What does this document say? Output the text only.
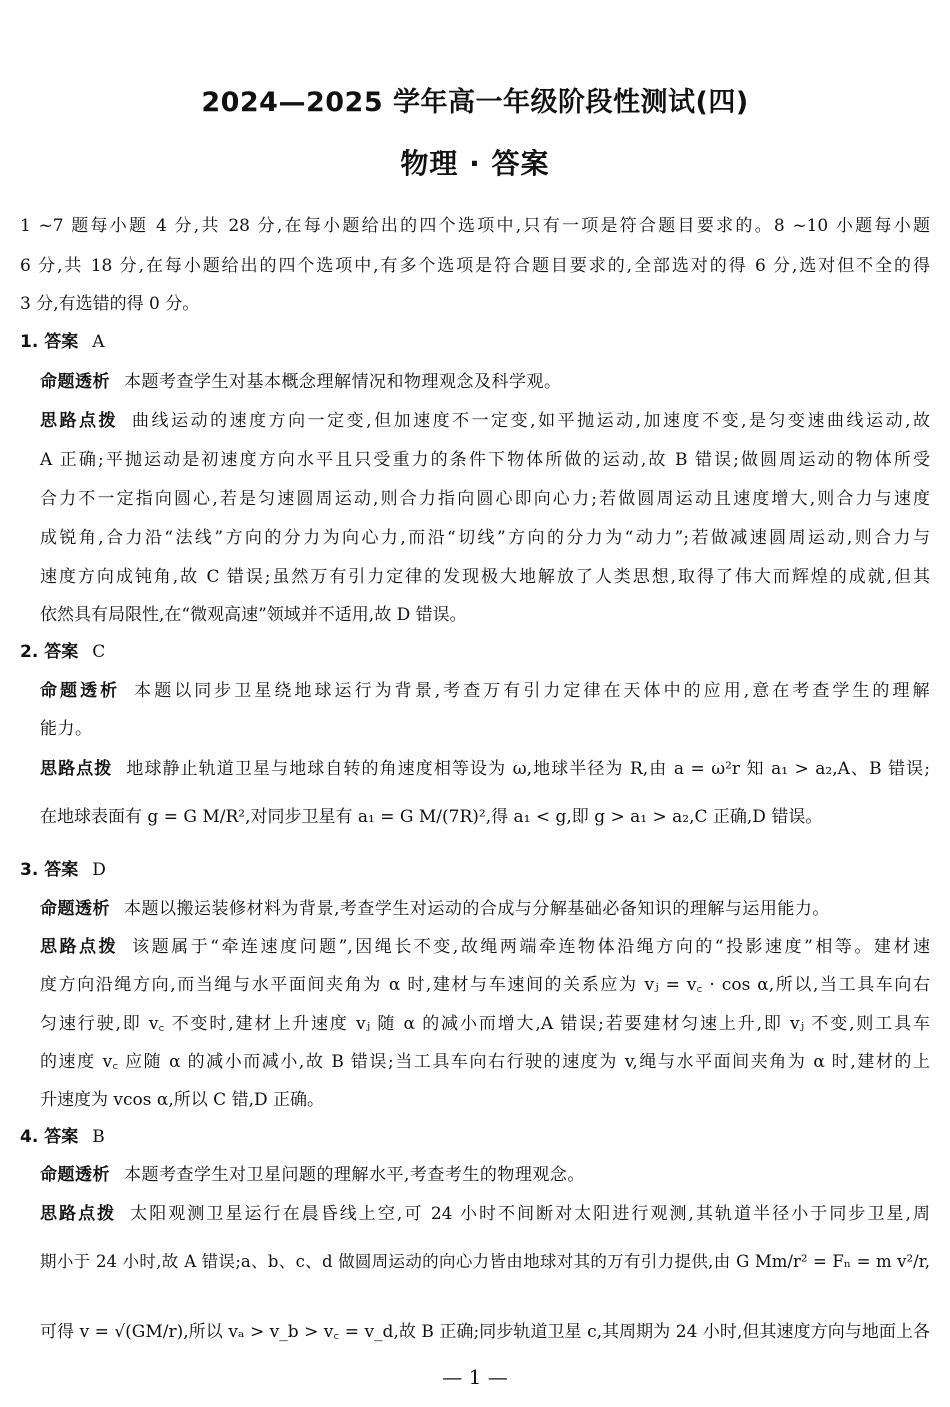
2024—2025 学年高一年级阶段性测试(四)
物理 · 答案
1 ~7 题每小题 4 分,共 28 分,在每小题给出的四个选项中,只有一项是符合题目要求的。8 ~10 小题每小题
6 分,共 18 分,在每小题给出的四个选项中,有多个选项是符合题目要求的,全部选对的得 6 分,选对但不全的得
3 分,有选错的得 0 分。
1. 答案 A
命题透析 本题考查学生对基本概念理解情况和物理观念及科学观。
思路点拨 曲线运动的速度方向一定变,但加速度不一定变,如平抛运动,加速度不变,是匀变速曲线运动,故
A 正确;平抛运动是初速度方向水平且只受重力的条件下物体所做的运动,故 B 错误;做圆周运动的物体所受
合力不一定指向圆心,若是匀速圆周运动,则合力指向圆心即向心力;若做圆周运动且速度增大,则合力与速度
成锐角,合力沿“法线”方向的分力为向心力,而沿“切线”方向的分力为“动力”;若做减速圆周运动,则合力与
速度方向成钝角,故 C 错误;虽然万有引力定律的发现极大地解放了人类思想,取得了伟大而辉煌的成就,但其
依然具有局限性,在“微观高速”领域并不适用,故 D 错误。
2. 答案 C
命题透析 本题以同步卫星绕地球运行为背景,考查万有引力定律在天体中的应用,意在考查学生的理解
能力。
思路点拨 地球静止轨道卫星与地球自转的角速度相等设为 ω,地球半径为 R,由 a = ω²r 知 a₁ > a₂,A、B 错误;
在地球表面有 g = G M/R²,对同步卫星有 a₁ = G M/(7R)²,得 a₁ < g,即 g > a₁ > a₂,C 正确,D 错误。
3. 答案 D
命题透析 本题以搬运装修材料为背景,考查学生对运动的合成与分解基础必备知识的理解与运用能力。
思路点拨 该题属于“牵连速度问题”,因绳长不变,故绳两端牵连物体沿绳方向的“投影速度”相等。建材速
度方向沿绳方向,而当绳与水平面间夹角为 α 时,建材与车速间的关系应为 vⱼ = v꜀ · cos α,所以,当工具车向右
匀速行驶,即 v꜀ 不变时,建材上升速度 vⱼ 随 α 的减小而增大,A 错误;若要建材匀速上升,即 vⱼ 不变,则工具车
的速度 v꜀ 应随 α 的减小而减小,故 B 错误;当工具车向右行驶的速度为 v,绳与水平面间夹角为 α 时,建材的上
升速度为 vcos α,所以 C 错,D 正确。
4. 答案 B
命题透析 本题考查学生对卫星问题的理解水平,考查考生的物理观念。
思路点拨 太阳观测卫星运行在晨昏线上空,可 24 小时不间断对太阳进行观测,其轨道半径小于同步卫星,周
期小于 24 小时,故 A 错误;a、b、c、d 做圆周运动的向心力皆由地球对其的万有引力提供,由 G Mm/r² = Fₙ = m v²/r,
可得 v = √(GM/r),所以 vₐ > v_b > v꜀ = v_d,故 B 正确;同步轨道卫星 c,其周期为 24 小时,但其速度方向与地面上各
— 1 —
